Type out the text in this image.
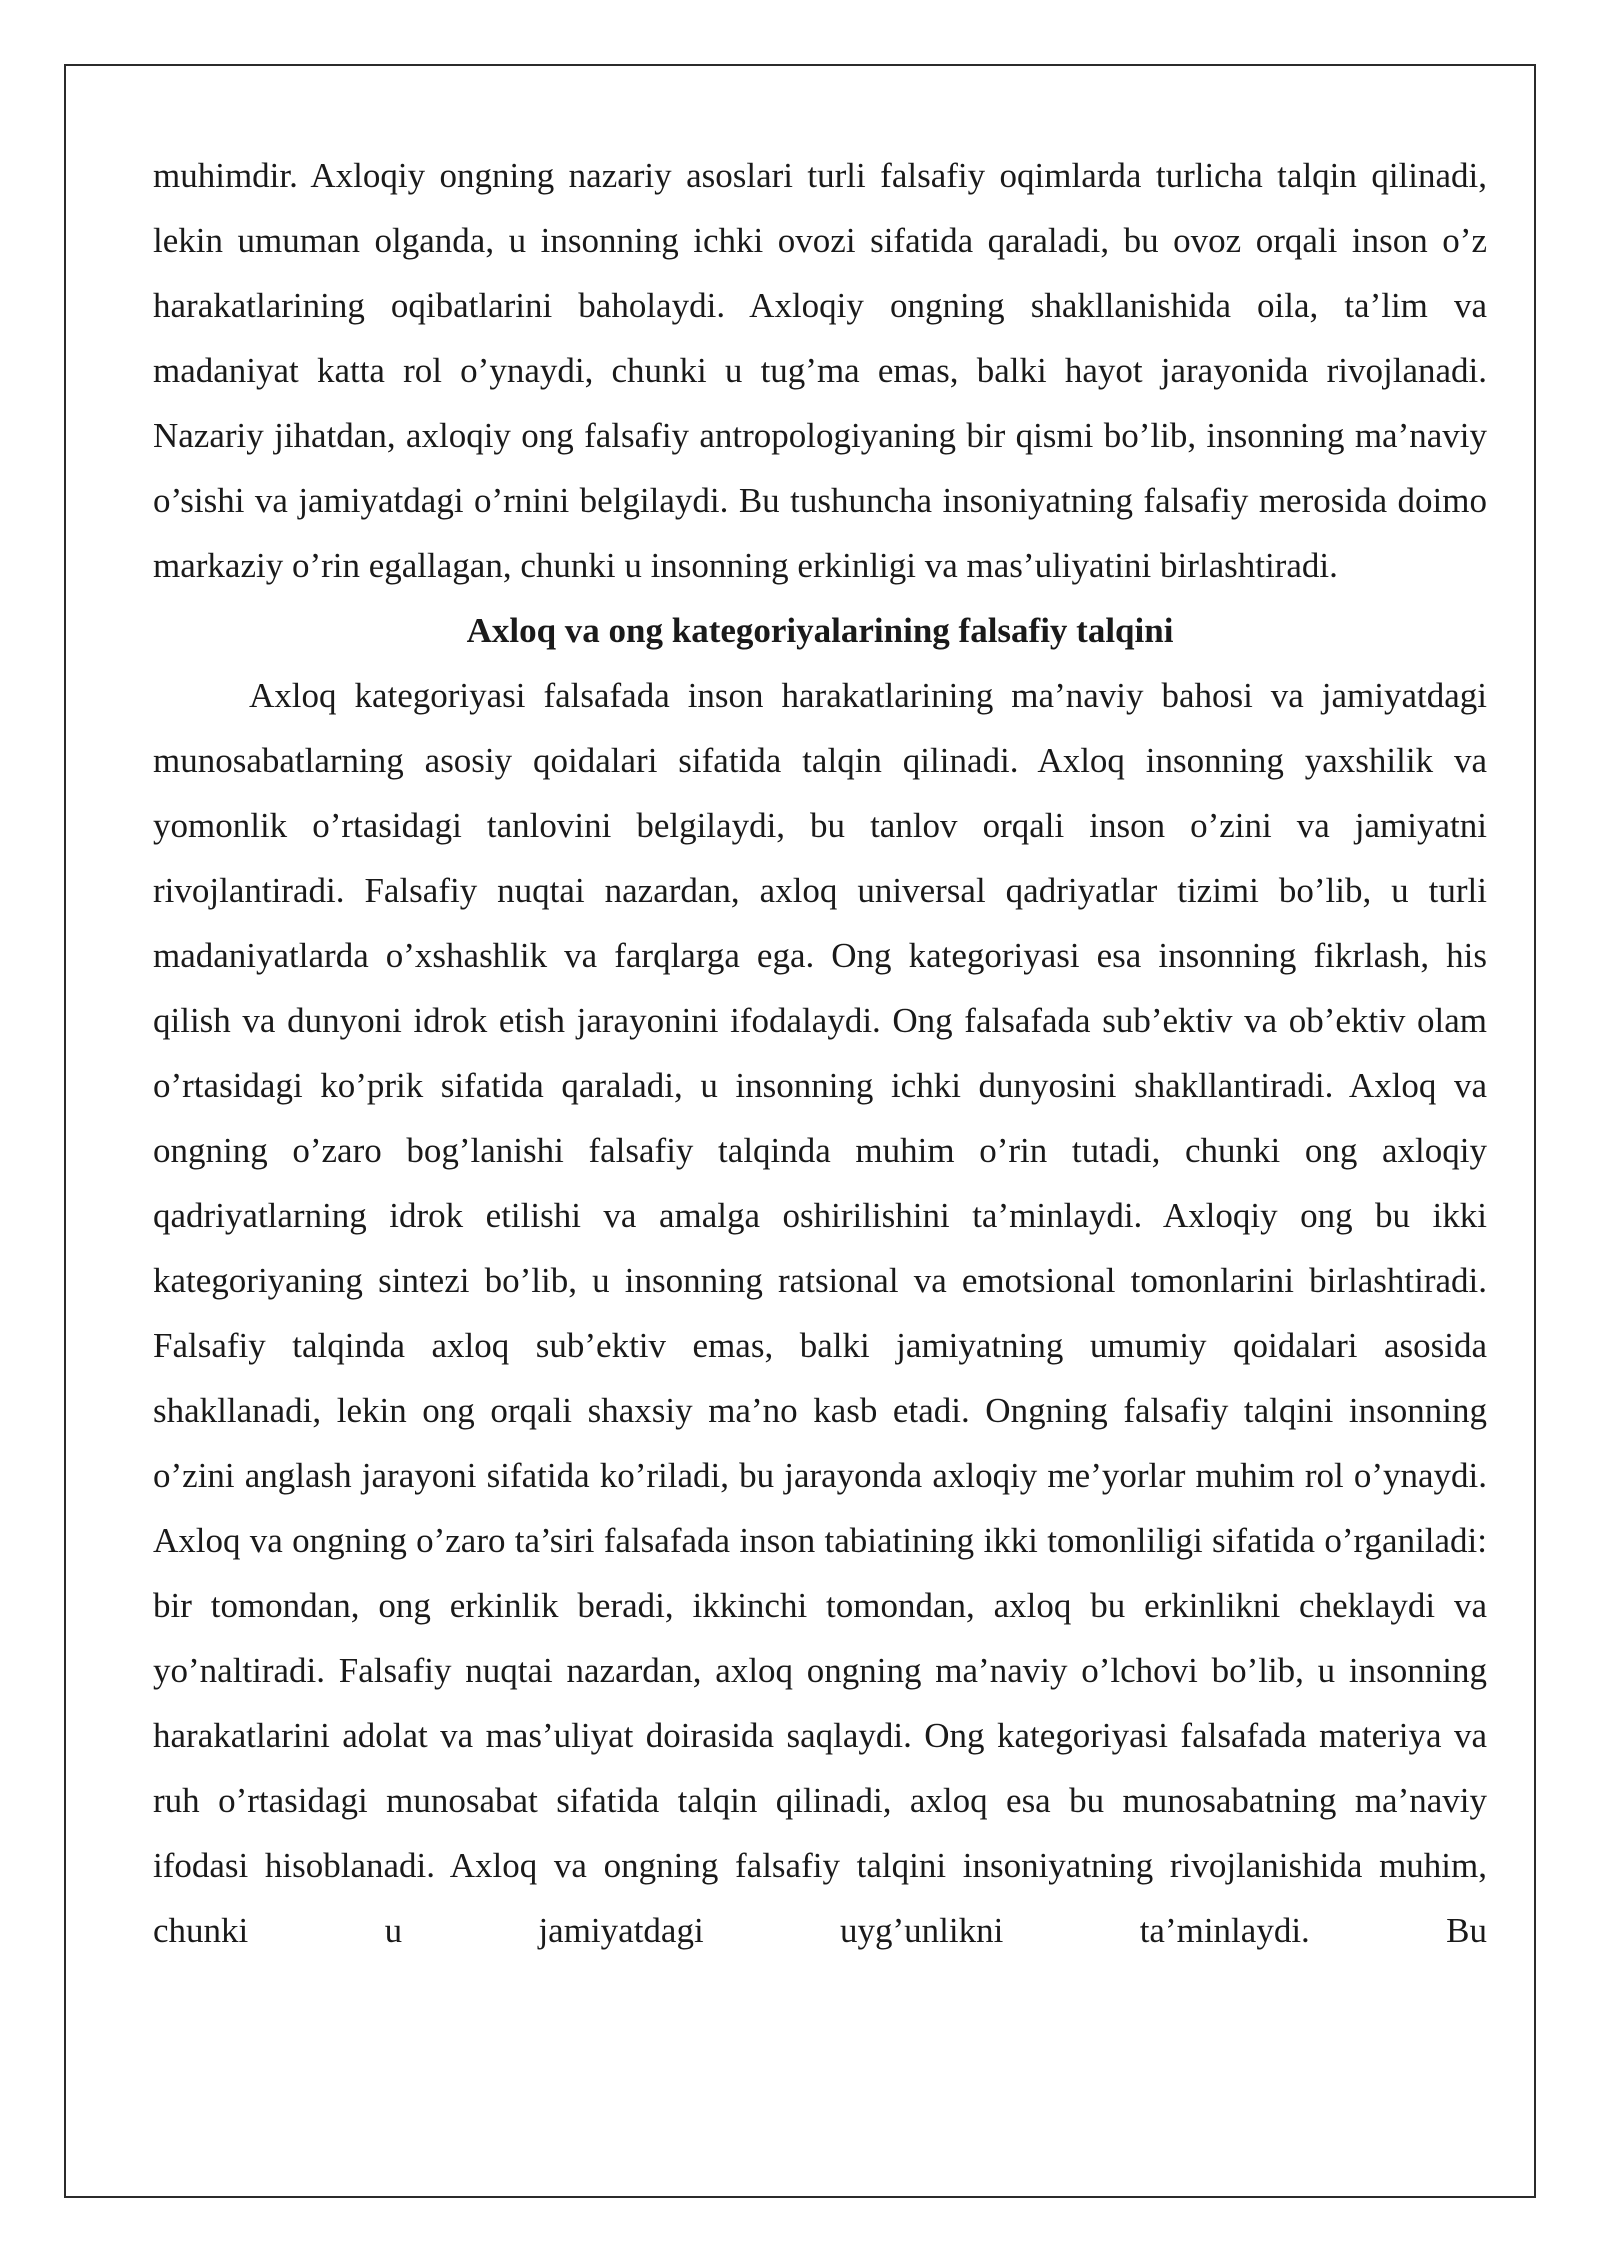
muhimdir. Axloqiy ongning nazariy asoslari turli falsafiy oqimlarda turlicha talqin qilinadi, lekin umuman olganda, u insonning ichki ovozi sifatida qaraladi, bu ovoz orqali inson o’z harakatlarining oqibatlarini baholaydi. Axloqiy ongning shakllanishida oila, ta’lim va madaniyat katta rol o’ynaydi, chunki u tug’ma emas, balki hayot jarayonida rivojlanadi. Nazariy jihatdan, axloqiy ong falsafiy antropologiyaning bir qismi bo’lib, insonning ma’naviy o’sishi va jamiyatdagi o’rnini belgilaydi. Bu tushuncha insoniyatning falsafiy merosida doimo markaziy o’rin egallagan, chunki u insonning erkinligi va mas’uliyatini birlashtiradi.

Axloq va ong kategoriyalarining falsafiy talqini

Axloq kategoriyasi falsafada inson harakatlarining ma’naviy bahosi va jamiyatdagi munosabatlarning asosiy qoidalari sifatida talqin qilinadi. Axloq insonning yaxshilik va yomonlik o’rtasidagi tanlovini belgilaydi, bu tanlov orqali inson o’zini va jamiyatni rivojlantiradi. Falsafiy nuqtai nazardan, axloq universal qadriyatlar tizimi bo’lib, u turli madaniyatlarda o’xshashlik va farqlarga ega. Ong kategoriyasi esa insonning fikrlash, his qilish va dunyoni idrok etish jarayonini ifodalaydi. Ong falsafada sub’ektiv va ob’ektiv olam o’rtasidagi ko’prik sifatida qaraladi, u insonning ichki dunyosini shakllantiradi. Axloq va ongning o’zaro bog’lanishi falsafiy talqinda muhim o’rin tutadi, chunki ong axloqiy qadriyatlarning idrok etilishi va amalga oshirilishini ta’minlaydi. Axloqiy ong bu ikki kategoriyaning sintezi bo’lib, u insonning ratsional va emotsional tomonlarini birlashtiradi. Falsafiy talqinda axloq sub’ektiv emas, balki jamiyatning umumiy qoidalari asosida shakllanadi, lekin ong orqali shaxsiy ma’no kasb etadi. Ongning falsafiy talqini insonning o’zini anglash jarayoni sifatida ko’riladi, bu jarayonda axloqiy me’yorlar muhim rol o’ynaydi. Axloq va ongning o’zaro ta’siri falsafada inson tabiatining ikki tomonliligi sifatida o’rganiladi: bir tomondan, ong erkinlik beradi, ikkinchi tomondan, axloq bu erkinlikni cheklaydi va yo’naltiradi. Falsafiy nuqtai nazardan, axloq ongning ma’naviy o’lchovi bo’lib, u insonning harakatlarini adolat va mas’uliyat doirasida saqlaydi. Ong kategoriyasi falsafada materiya va ruh o’rtasidagi munosabat sifatida talqin qilinadi, axloq esa bu munosabatning ma’naviy ifodasi hisoblanadi. Axloq va ongning falsafiy talqini insoniyatning rivojlanishida muhim, chunki u jamiyatdagi uyg’unlikni ta’minlaydi. Bu
